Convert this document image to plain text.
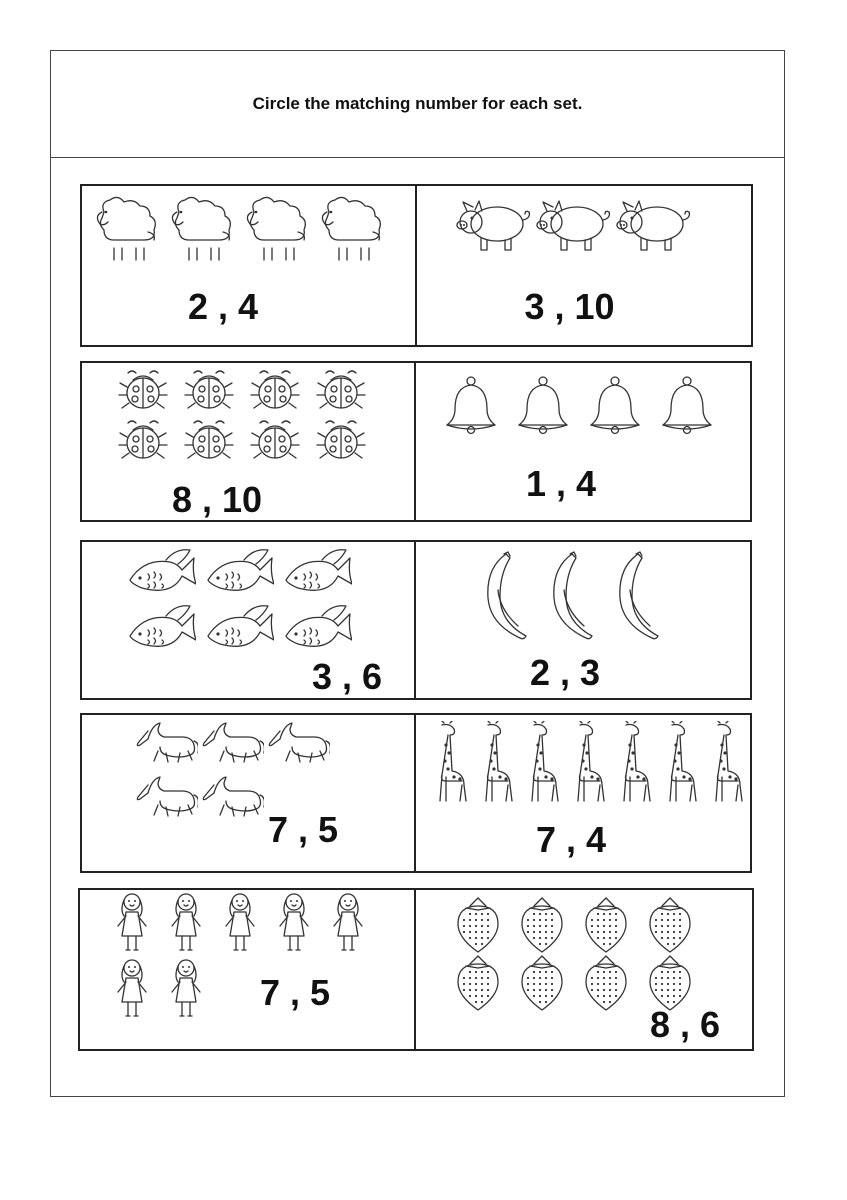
Circle the matching number for each set.
2 , 4	3 , 10
8 , 10	1 , 4
3 , 6	2 , 3
7 , 5	7 , 4
7 , 5
8 , 6
